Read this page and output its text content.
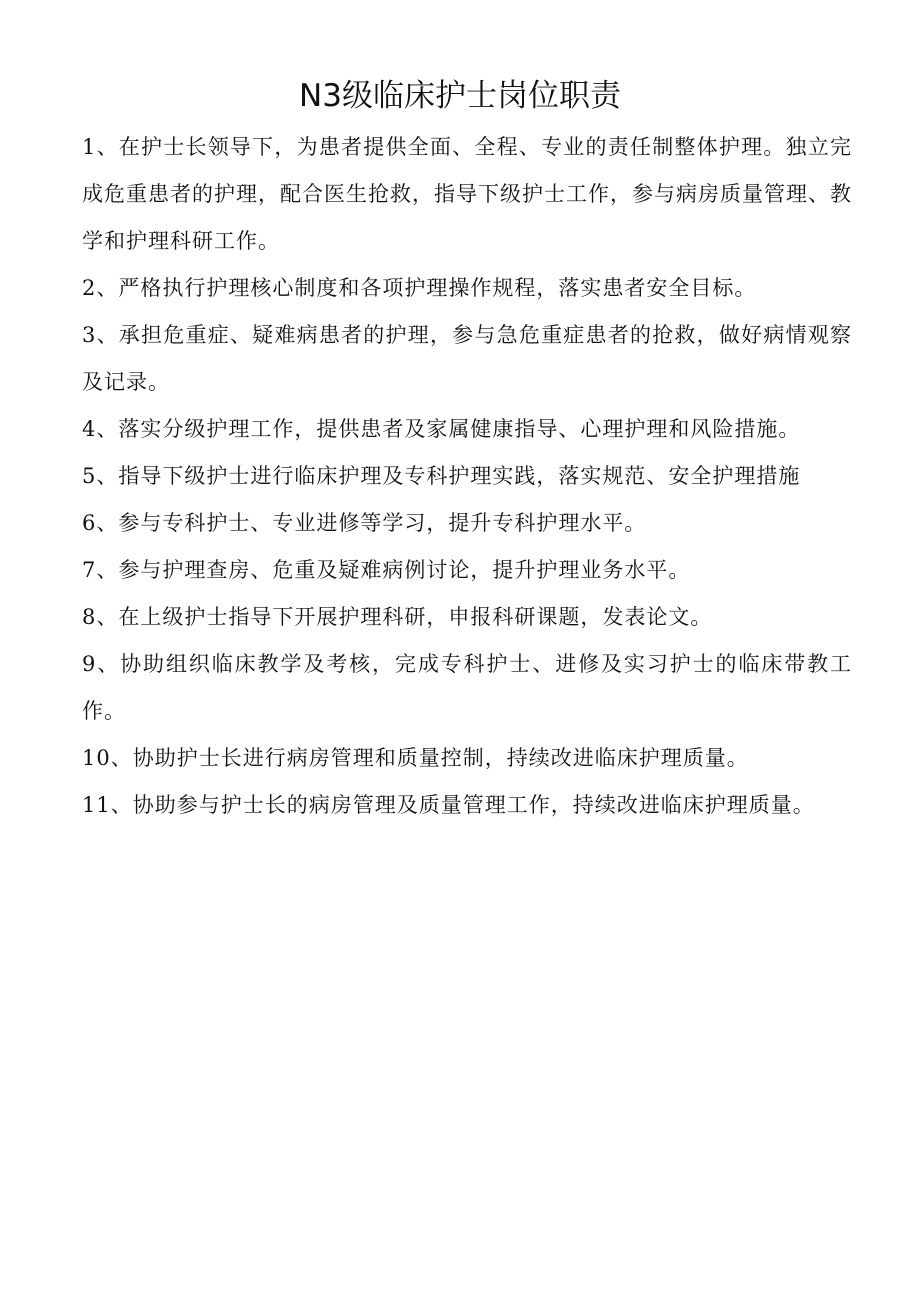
N3级临床护士岗位职责
1、在护士长领导下，为患者提供全面、全程、专业的责任制整体护理。独立完成危重患者的护理，配合医生抢救，指导下级护士工作，参与病房质量管理、教学和护理科研工作。
2、严格执行护理核心制度和各项护理操作规程，落实患者安全目标。
3、承担危重症、疑难病患者的护理，参与急危重症患者的抢救，做好病情观察及记录。
4、落实分级护理工作，提供患者及家属健康指导、心理护理和风险措施。
5、指导下级护士进行临床护理及专科护理实践，落实规范、安全护理措施
6、参与专科护士、专业进修等学习，提升专科护理水平。
7、参与护理查房、危重及疑难病例讨论，提升护理业务水平。
8、在上级护士指导下开展护理科研，申报科研课题，发表论文。
9、协助组织临床教学及考核，完成专科护士、进修及实习护士的临床带教工作。
10、协助护士长进行病房管理和质量控制，持续改进临床护理质量。
11、协助参与护士长的病房管理及质量管理工作，持续改进临床护理质量。
